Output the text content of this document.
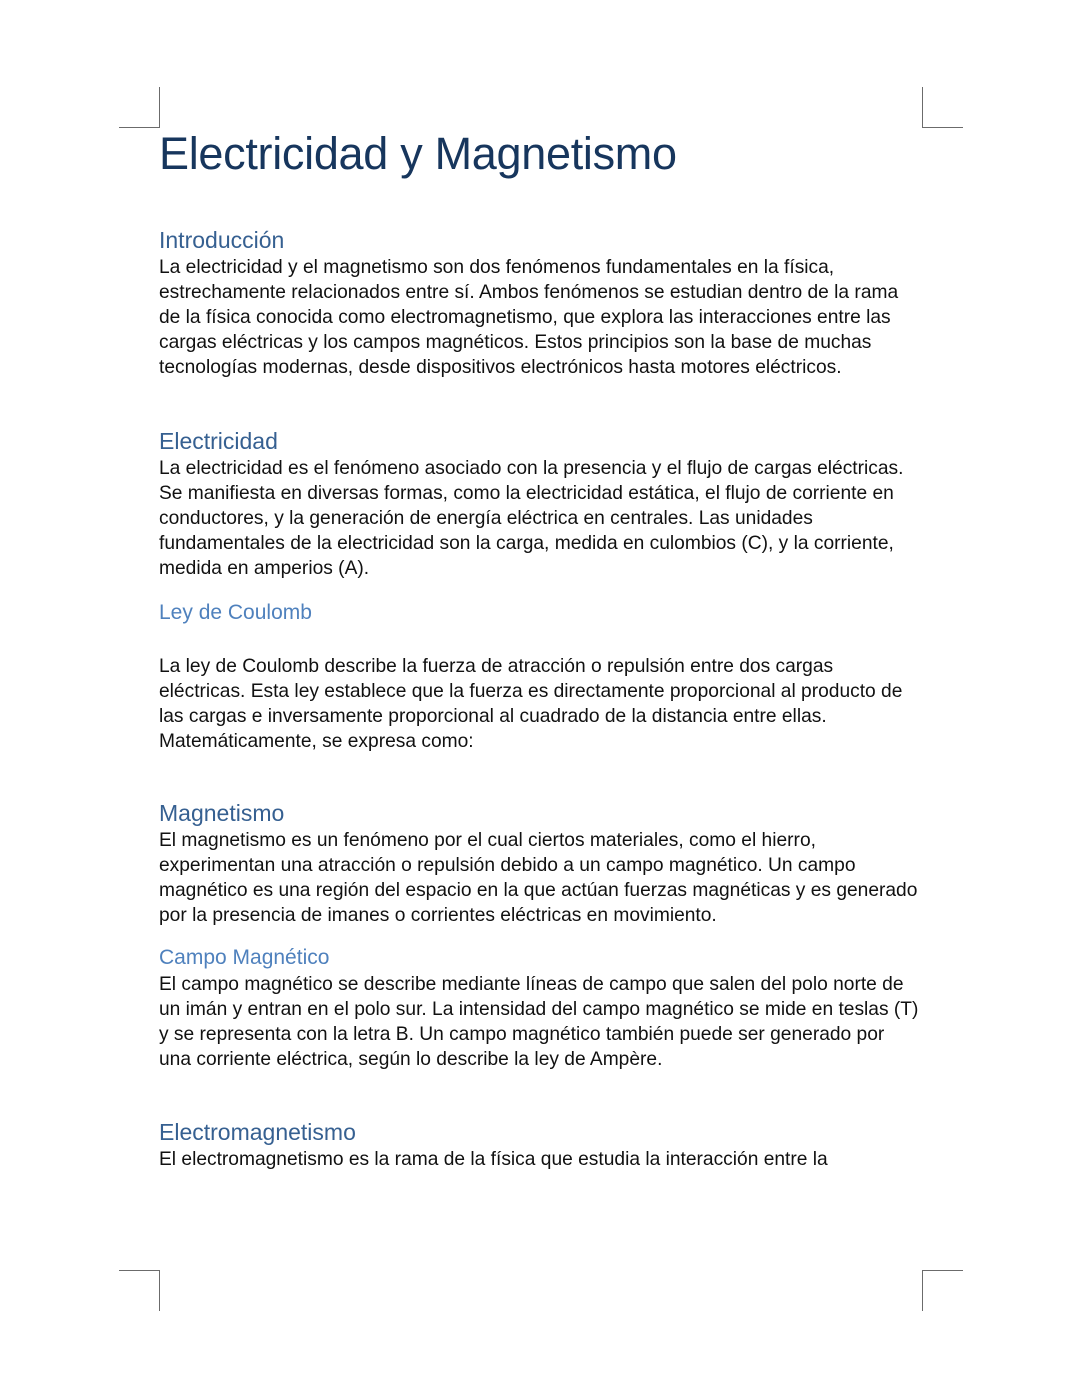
Electricidad y Magnetismo
Introducción

La electricidad y el magnetismo son dos fenómenos fundamentales en la física, estrechamente relacionados entre sí. Ambos fenómenos se estudian dentro de la rama de la física conocida como electromagnetismo, que explora las interacciones entre las cargas eléctricas y los campos magnéticos. Estos principios son la base de muchas tecnologías modernas, desde dispositivos electrónicos hasta motores eléctricos.

Electricidad

La electricidad es el fenómeno asociado con la presencia y el flujo de cargas eléctricas. Se manifiesta en diversas formas, como la electricidad estática, el flujo de corriente en conductores, y la generación de energía eléctrica en centrales. Las unidades fundamentales de la electricidad son la carga, medida en culombios (C), y la corriente, medida en amperios (A).

Ley de Coulomb

La ley de Coulomb describe la fuerza de atracción o repulsión entre dos cargas eléctricas. Esta ley establece que la fuerza es directamente proporcional al producto de las cargas e inversamente proporcional al cuadrado de la distancia entre ellas. Matemáticamente, se expresa como:

Magnetismo

El magnetismo es un fenómeno por el cual ciertos materiales, como el hierro, experimentan una atracción o repulsión debido a un campo magnético. Un campo magnético es una región del espacio en la que actúan fuerzas magnéticas y es generado por la presencia de imanes o corrientes eléctricas en movimiento.

Campo Magnético

El campo magnético se describe mediante líneas de campo que salen del polo norte de un imán y entran en el polo sur. La intensidad del campo magnético se mide en teslas (T) y se representa con la letra B. Un campo magnético también puede ser generado por una corriente eléctrica, según lo describe la ley de Ampère.

Electromagnetismo

El electromagnetismo es la rama de la física que estudia la interacción entre la
